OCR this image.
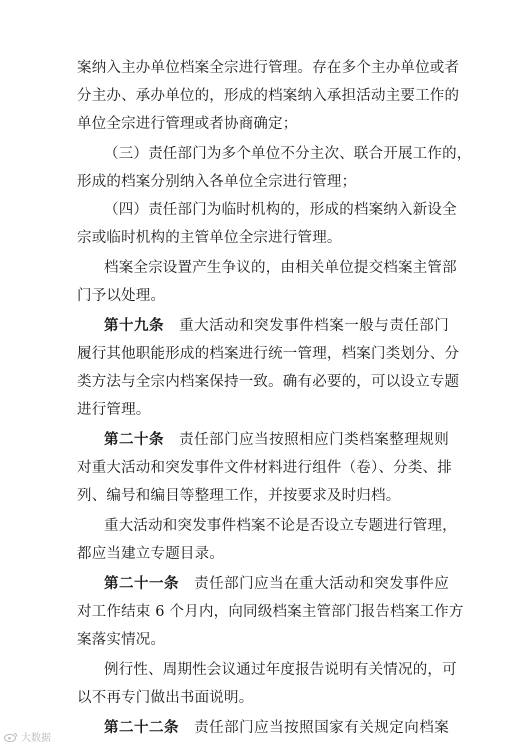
案纳入主办单位档案全宗进行管理。存在多个主办单位或者
分主办、承办单位的，形成的档案纳入承担活动主要工作的
单位全宗进行管理或者协商确定；
（三）责任部门为多个单位不分主次、联合开展工作的，
形成的档案分别纳入各单位全宗进行管理；
（四）责任部门为临时机构的，形成的档案纳入新设全
宗或临时机构的主管单位全宗进行管理。
档案全宗设置产生争议的，由相关单位提交档案主管部
门予以处理。
第十九条　重大活动和突发事件档案一般与责任部门
履行其他职能形成的档案进行统一管理，档案门类划分、分
类方法与全宗内档案保持一致。确有必要的，可以设立专题
进行管理。
第二十条　责任部门应当按照相应门类档案整理规则
对重大活动和突发事件文件材料进行组件（卷）、分类、排
列、编号和编目等整理工作，并按要求及时归档。
重大活动和突发事件档案不论是否设立专题进行管理，
都应当建立专题目录。
第二十一条　责任部门应当在重大活动和突发事件应
对工作结束 6 个月内，向同级档案主管部门报告档案工作方
案落实情况。
例行性、周期性会议通过年度报告说明有关情况的，可
以不再专门做出书面说明。
第二十二条　责任部门应当按照国家有关规定向档案
大数据
